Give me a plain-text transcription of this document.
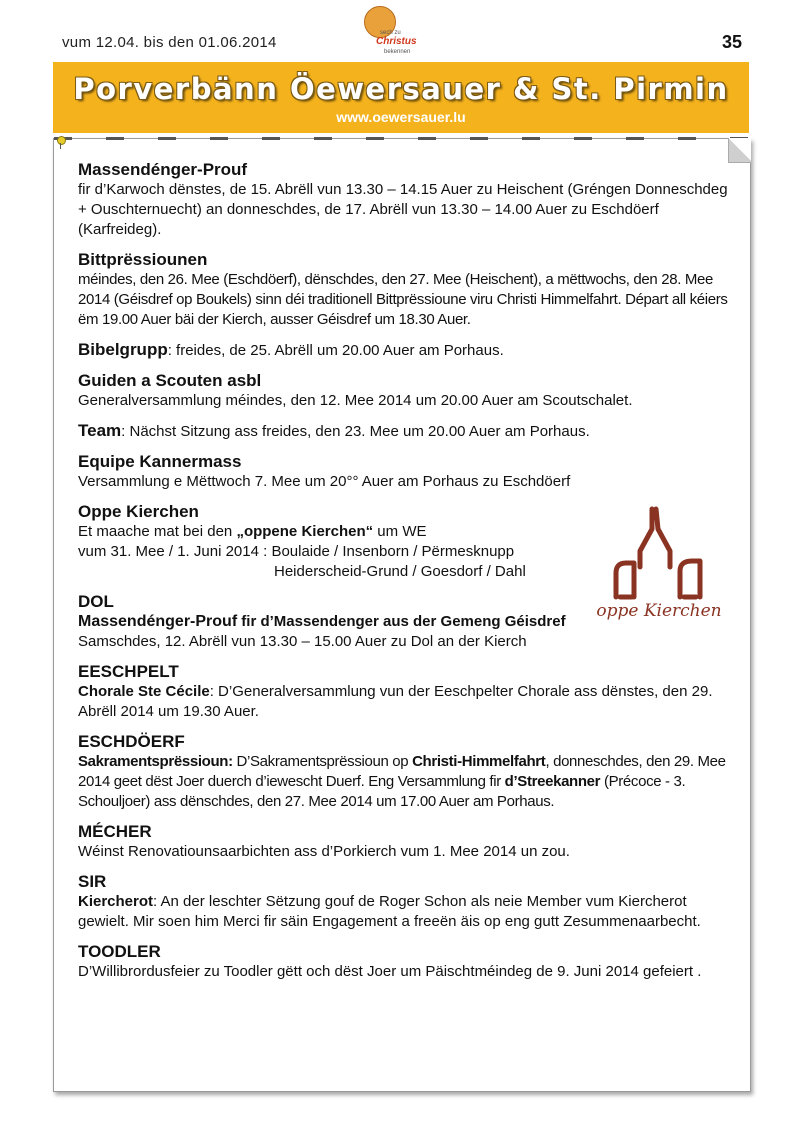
vum 12.04. bis den 01.06.2014
sech zu
Christus
bekennen	35
Porverbänn Öewersauer & St. Pirmin
www.oewersauer.lu

Massendénger-Prouf

fir d’Karwoch dënstes, de 15. Abrëll vun 13.30 – 14.15 Auer zu Heischent (Gréngen Donneschdeg + Ouschternuecht) an donneschdes, de 17. Abrëll vun 13.30 – 14.00 Auer zu Eschdöerf (Karfreideg).

Bittprëssiounen

méindes, den 26. Mee (Eschdöerf), dënschdes, den 27. Mee (Heischent), a mëttwochs, den 28. Mee 2014 (Géisdref op Boukels) sinn déi traditionell Bittprëssioune viru Christi Himmelfahrt. Départ all kéiers ëm 19.00 Auer bäi der Kierch, ausser Géisdref um 18.30 Auer.

Bibelgrupp: freides, de 25. Abrëll um 20.00 Auer am Porhaus.

Guiden a Scouten asbl

Generalversammlung méindes, den 12. Mee 2014 um 20.00 Auer am Scoutschalet.

Team: Nächst Sitzung ass freides, den 23. Mee um 20.00 Auer am Porhaus.

Equipe Kannermass

Versammlung e Mëttwoch 7. Mee um 20°° Auer am Porhaus zu Eschdöerf

Oppe Kierchen

Et maache mat bei den „oppene Kierchen“ um WE

vum 31. Mee / 1. Juni 2014 : Boulaide / Insenborn / Përmesknupp

Heiderscheid-Grund / Goesdorf / Dahl

DOL

Massendénger-Prouf fir d’Massendenger aus der Gemeng Géisdref

Samschdes, 12. Abrëll vun 13.30 – 15.00 Auer zu Dol an der Kierch

EESCHPELT

Chorale Ste Cécile: D’Generalversammlung vun der Eeschpelter Chorale ass dënstes, den 29. Abrëll 2014 um 19.30 Auer.

ESCHDÖERF

Sakramentsprëssioun: D’Sakramentsprëssioun op Christi-Himmelfahrt, donneschdes, den 29. Mee 2014 geet dëst Joer duerch d’iewescht Duerf. Eng Versammlung fir d’Streekanner (Précoce - 3. Schouljoer) ass dënschdes, den 27. Mee 2014 um 17.00 Auer am Porhaus.

MÉCHER

Wéinst Renovatiounsaarbichten ass d’Porkierch vum 1. Mee 2014 un zou.

SIR

Kiercherot: An der leschter Sëtzung gouf de Roger Schon als neie Member vum Kiercherot gewielt. Mir soen him Merci fir säin Engagement a freeën äis op eng gutt Zesummenaarbecht.

TOODLER

D’Willibrordusfeier zu Toodler gëtt och dëst Joer um Päischtméindeg de 9. Juni 2014 gefeiert .

oppe Kierchen
